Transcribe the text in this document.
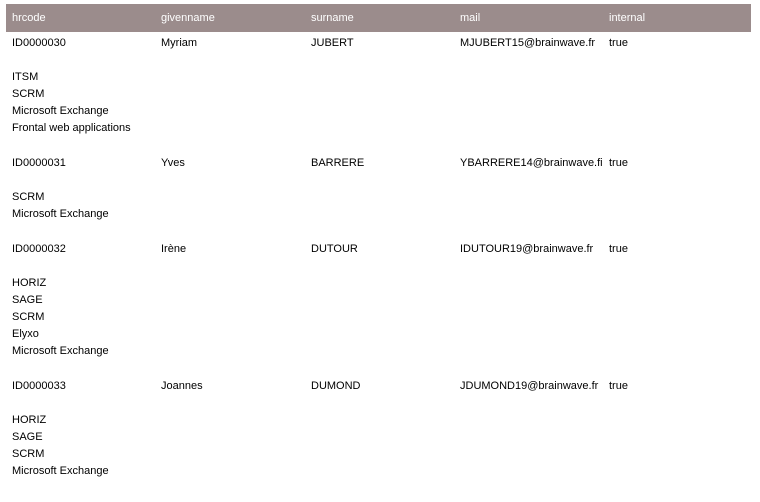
hrcode	givenname	surname	mail	internal
ID0000030	Myriam	JUBERT	MJUBERT15@brainwave.fr	true
ITSM
SCRM
Microsoft Exchange
Frontal web applications
ID0000031	Yves	BARRERE	YBARRERE14@brainwave.fi true
SCRM
Microsoft Exchange
ID0000032	Irène	DUTOUR	IDUTOUR19@brainwave.fr	true
HORIZ
SAGE
SCRM
Elyxo
Microsoft Exchange
ID0000033	Joannes	DUMOND	JDUMOND19@brainwave.fr true
HORIZ
SAGE
SCRM
Microsoft Exchange
